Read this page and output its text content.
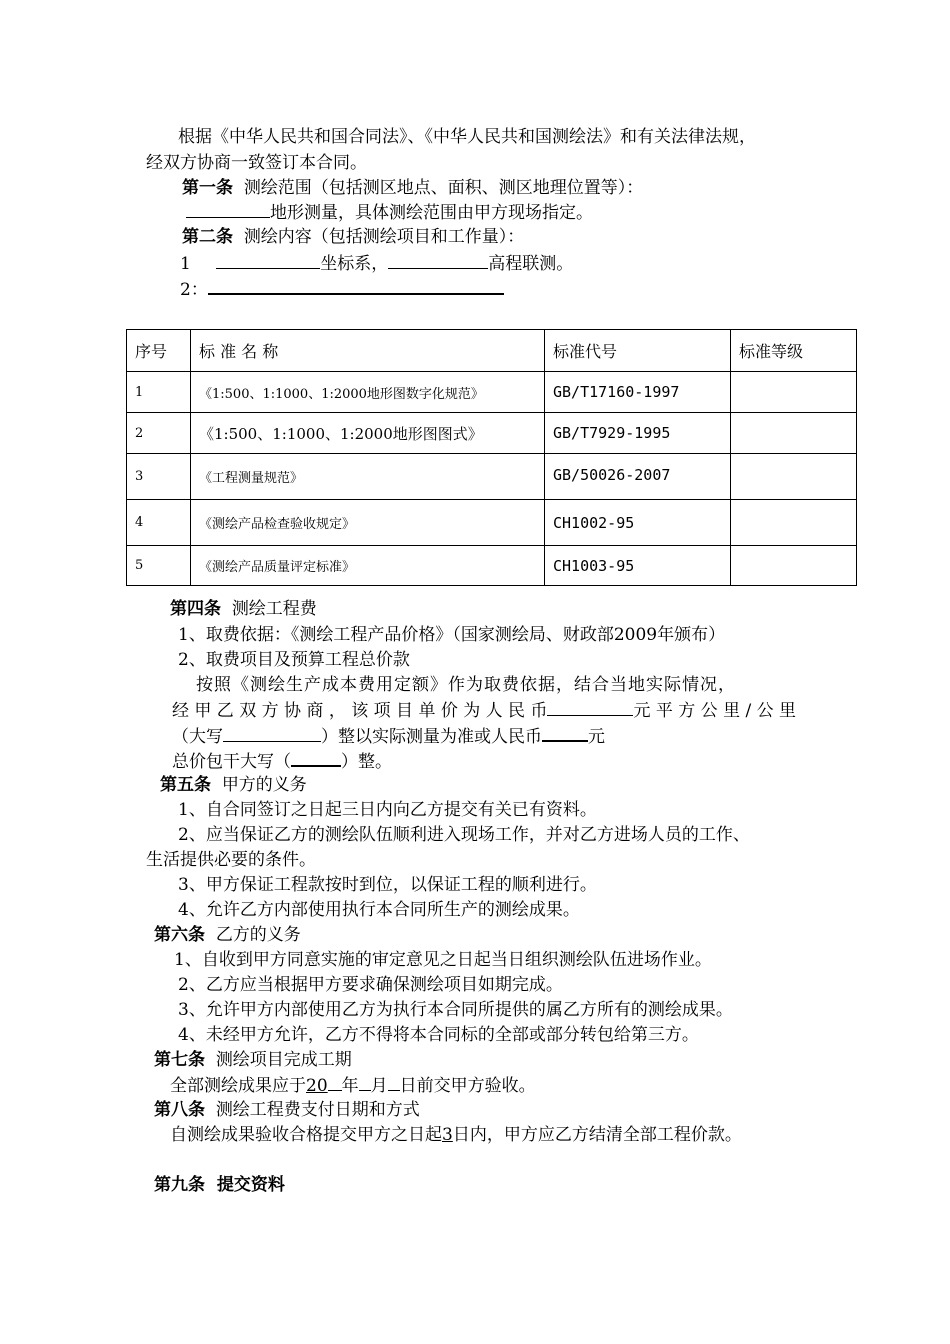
根据《中华人民共和国合同法》、《中华人民共和国测绘法》和有关法律法规，
经双方协商一致签订本合同。
第一条 测绘范围（包括测区地点、面积、测区地理位置等）：
地形测量，具体测绘范围由甲方现场指定。
第二条 测绘内容（包括测绘项目和工作量）：
1	坐标系，	高程联测。
2：
序号	标 准 名 称	标准代号	标准等级
1	《1:500、1:1000、1:2000地形图数字化规范》	GB/T17160-1997	
2	《1:500、1:1000、1:2000地形图图式》	GB/T7929-1995	
3	《工程测量规范》	GB/50026-2007	
4	《测绘产品检查验收规定》	CH1002-95	
5	《测绘产品质量评定标准》	CH1003-95	
第四条 测绘工程费
1、取费依据：《测绘工程产品价格》（国家测绘局、财政部2009年颁布）
2、取费项目及预算工程总价款
按照《测绘生产成本费用定额》作为取费依据，结合当地实际情况，
经 甲 乙 双 方 协 商 ， 该 项 目 单 价 为 人 民 币	元 平 方 公 里 / 公 里
（大写	）整以实际测量为准或人民币	元
总价包干大写（	）整。
第五条 甲方的义务
1、自合同签订之日起三日内向乙方提交有关已有资料。
2、应当保证乙方的测绘队伍顺利进入现场工作，并对乙方进场人员的工作、
生活提供必要的条件。
3、甲方保证工程款按时到位，以保证工程的顺利进行。
4、允许乙方内部使用执行本合同所生产的测绘成果。
第六条 乙方的义务
1、自收到甲方同意实施的审定意见之日起当日组织测绘队伍进场作业。
2、乙方应当根据甲方要求确保测绘项目如期完成。
3、允许甲方内部使用乙方为执行本合同所提供的属乙方所有的测绘成果。
4、未经甲方允许，乙方不得将本合同标的全部或部分转包给第三方。
第七条 测绘项目完成工期
全部测绘成果应于20 年 月 日前交甲方验收。
第八条 测绘工程费支付日期和方式
自测绘成果验收合格提交甲方之日起3日内，甲方应乙方结清全部工程价款。
第九条 提交资料
